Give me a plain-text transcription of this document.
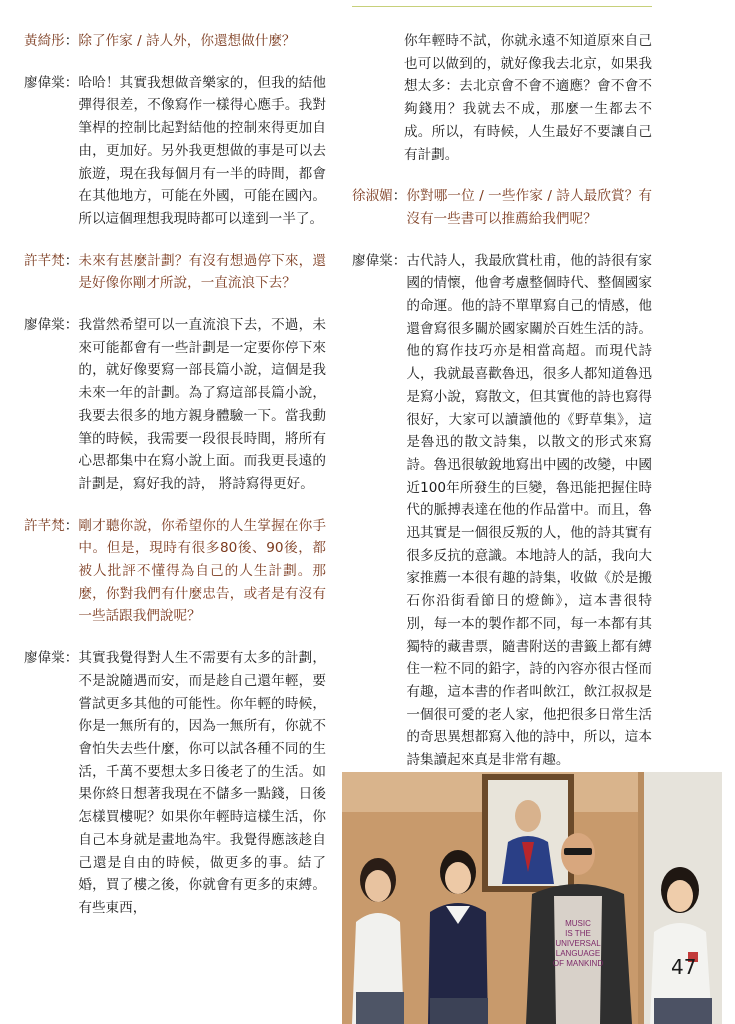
黃綺彤 ： 除了作家 / 詩人外，你還想做什麼？
廖偉棠 ： 哈哈！其實我想做音樂家的，但我的結他彈得很差，不像寫作一樣得心應手。我對筆桿的控制比起對結他的控制來得更加自由，更加好。另外我更想做的事是可以去旅遊，現在我每個月有一半的時間，都會在其他地方，可能在外國，可能在國內。所以這個理想我現時都可以達到一半了。
許芊梵 ： 未來有甚麼計劃？有沒有想過停下來，還是好像你剛才所說，一直流浪下去？
廖偉棠 ： 我當然希望可以一直流浪下去，不過，未來可能都會有一些計劃是一定要你停下來的，就好像要寫一部長篇小說，這個是我未來一年的計劃。為了寫這部長篇小說，我要去很多的地方親身體驗一下。當我動筆的時候，我需要一段很長時間，將所有心思都集中在寫小說上面。而我更長遠的計劃是，寫好我的詩， 將詩寫得更好。
許芊梵 ： 剛才聽你說，你希望你的人生掌握在你手中。但是，現時有很多80後、90後，都被人批評不懂得為自己的人生計劃。那麼，你對我們有什麼忠告，或者是有沒有一些話跟我們說呢？
廖偉棠 ： 其實我覺得對人生不需要有太多的計劃，不是說隨遇而安，而是趁自己還年輕，要嘗試更多其他的可能性。你年輕的時候，你是一無所有的，因為一無所有，你就不會怕失去些什麼，你可以試各種不同的生活，千萬不要想太多日後老了的生活。如果你終日想著我現在不儲多一點錢，日後怎樣買樓呢？如果你年輕時這樣生活，你自己本身就是畫地為牢。我覺得應該趁自己還是自由的時候，做更多的事。結了婚，買了樓之後，你就會有更多的束縛。有些東西，
你年輕時不試，你就永遠不知道原來自己也可以做到的，就好像我去北京，如果我想太多：去北京會不會不適應？會不會不夠錢用？我就去不成，那麼一生都去不成。所以，有時候，人生最好不要讓自己有計劃。
徐淑媚 ： 你對哪一位 / 一些作家 / 詩人最欣賞？有沒有一些書可以推薦給我們呢？
廖偉棠 ： 古代詩人，我最欣賞杜甫，他的詩很有家國的情懷，他會考慮整個時代、整個國家的命運。他的詩不單單寫自己的情感，他還會寫很多關於國家關於百姓生活的詩。他的寫作技巧亦是相當高超。而現代詩人，我就最喜歡魯迅，很多人都知道魯迅是寫小說，寫散文，但其實他的詩也寫得很好，大家可以讀讀他的《野草集》，這是魯迅的散文詩集，以散文的形式來寫詩。魯迅很敏銳地寫出中國的改變，中國近100年所發生的巨變，魯迅能把握住時代的脈搏表達在他的作品當中。而且，魯迅其實是一個很反叛的人，他的詩其實有很多反抗的意識。本地詩人的話，我向大家推薦一本很有趣的詩集，收做《於是搬石你沿街看節日的燈飾》，這本書很特別，每一本的製作都不同，每一本都有其獨特的藏書票，隨書附送的書籤上都有縛住一粒不同的鉛字，詩的內容亦很古怪而有趣，這本書的作者叫飲江，飲江叔叔是一個很可愛的老人家，他把很多日常生活的奇思異想都寫入他的詩中，所以，這本詩集讀起來真是非常有趣。
MUSIC
IS THE
UNIVERSAL
LANGUAGE
OF MANKIND	47
